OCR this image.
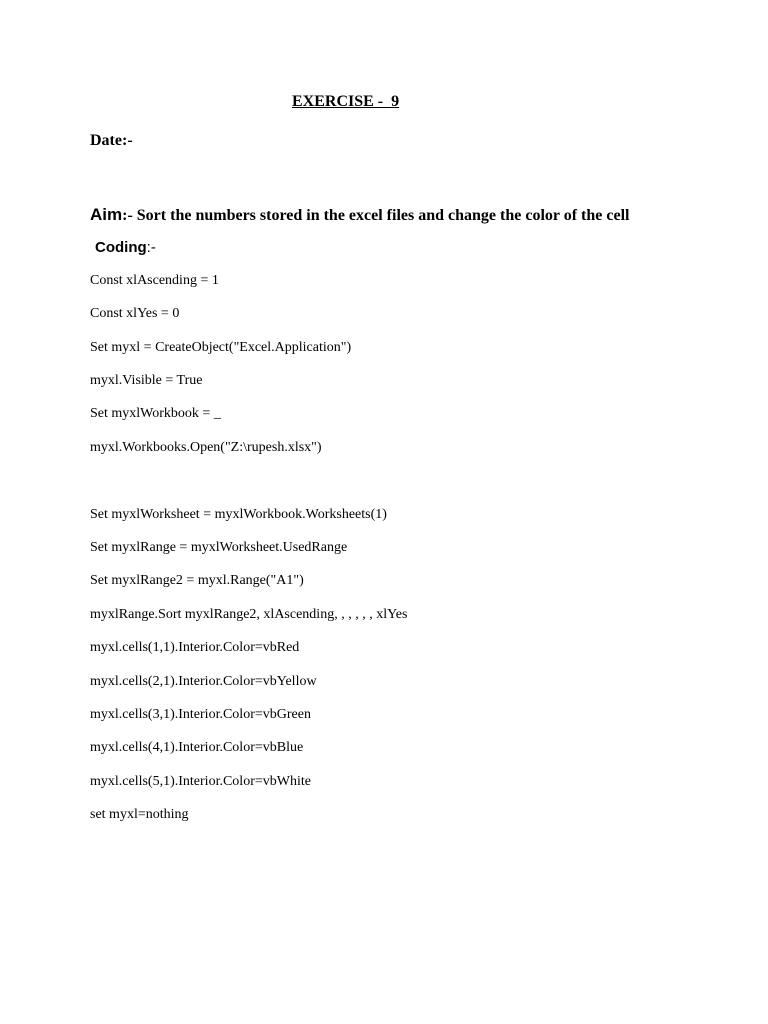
EXERCISE -  9
Date:-
Aim:- Sort the numbers stored in the excel files and change the color of the cell
Coding:-
Const xlAscending = 1
Const xlYes = 0
Set myxl = CreateObject("Excel.Application")
myxl.Visible = True
Set myxlWorkbook = _
myxl.Workbooks.Open("Z:\rupesh.xlsx")
Set myxlWorksheet = myxlWorkbook.Worksheets(1)
Set myxlRange = myxlWorksheet.UsedRange
Set myxlRange2 = myxl.Range("A1")
myxlRange.Sort myxlRange2, xlAscending, , , , , , xlYes
myxl.cells(1,1).Interior.Color=vbRed
myxl.cells(2,1).Interior.Color=vbYellow
myxl.cells(3,1).Interior.Color=vbGreen
myxl.cells(4,1).Interior.Color=vbBlue
myxl.cells(5,1).Interior.Color=vbWhite
set myxl=nothing
